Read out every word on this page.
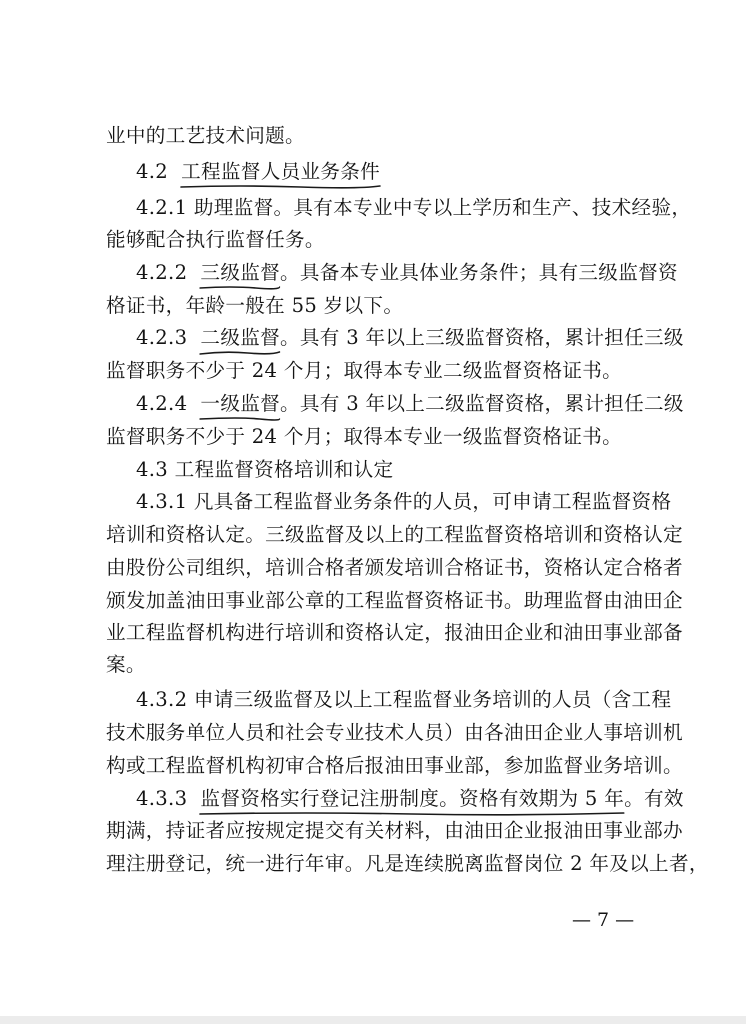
业中的工艺技术问题。
4.2 工程监督人员业务条件
4.2.1 助理监督。具有本专业中专以上学历和生产、技术经验，
能够配合执行监督任务。
4.2.2 三级监督
。具备本专业具体业务条件；具有三级监督资
格证书，年龄一般在 55 岁以下。
4.2.3 二级监督
。具有 3 年以上三级监督资格，累计担任三级
监督职务不少于 24 个月；取得本专业二级监督资格证书。
4.2.4 一级监督
。具有 3 年以上二级监督资格，累计担任二级
监督职务不少于 24 个月；取得本专业一级监督资格证书。
4.3 工程监督资格培训和认定
4.3.1 凡具备工程监督业务条件的人员，可申请工程监督资格
培训和资格认定。三级监督及以上的工程监督资格培训和资格认定
由股份公司组织，培训合格者颁发培训合格证书，资格认定合格者
颁发加盖油田事业部公章的工程监督资格证书。助理监督由油田企
业工程监督机构进行培训和资格认定，报油田企业和油田事业部备
案。
4.3.2 申请三级监督及以上工程监督业务培训的人员（含工程
技术服务单位人员和社会专业技术人员）由各油田企业人事培训机
构或工程监督机构初审合格后报油田事业部，参加监督业务培训。
4.3.3 监督资格实行登记注册制度。资格有效期为 5 年
。有效
期满，持证者应按规定提交有关材料，由油田企业报油田事业部办
理注册登记，统一进行年审。凡是连续脱离监督岗位 2 年及以上者，
— 7 —
